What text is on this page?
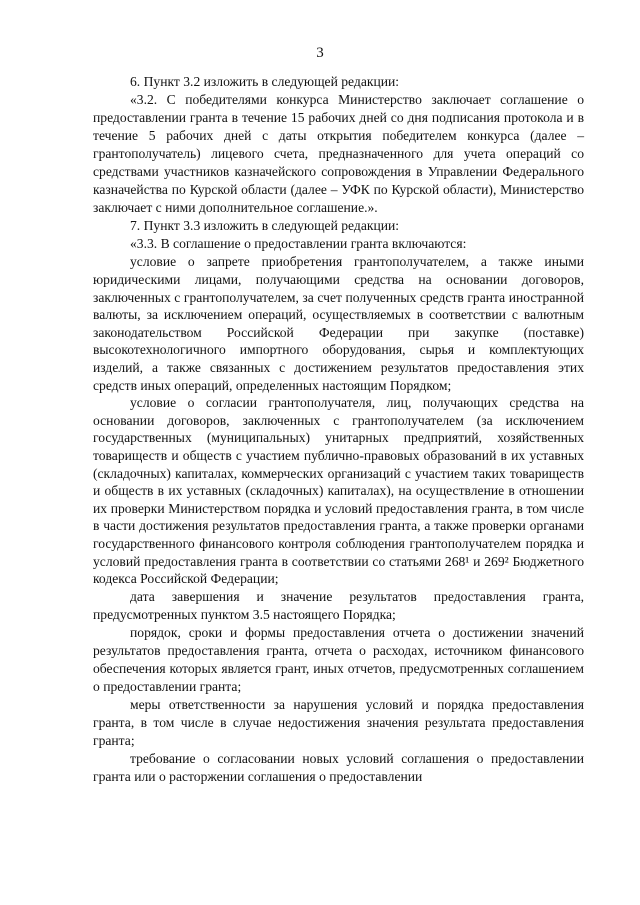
3

6. Пункт 3.2 изложить в следующей редакции:

«3.2. С победителями конкурса Министерство заключает соглашение о предоставлении гранта в течение 15 рабочих дней со дня подписания протокола и в течение 5 рабочих дней с даты открытия победителем конкурса (далее – грантополучатель) лицевого счета, предназначенного для учета операций со средствами участников казначейского сопровождения в Управлении Федерального казначейства по Курской области (далее – УФК по Курской области), Министерство заключает с ними дополнительное соглашение.».

7. Пункт 3.3 изложить в следующей редакции:

«3.3. В соглашение о предоставлении гранта включаются:

условие о запрете приобретения грантополучателем, а также иными юридическими лицами, получающими средства на основании договоров, заключенных с грантополучателем, за счет полученных средств гранта иностранной валюты, за исключением операций, осуществляемых в соответствии с валютным законодательством Российской Федерации при закупке (поставке) высокотехнологичного импортного оборудования, сырья и комплектующих изделий, а также связанных с достижением результатов предоставления этих средств иных операций, определенных настоящим Порядком;

условие о согласии грантополучателя, лиц, получающих средства на основании договоров, заключенных с грантополучателем (за исключением государственных (муниципальных) унитарных предприятий, хозяйственных товариществ и обществ с участием публично-правовых образований в их уставных (складочных) капиталах, коммерческих организаций с участием таких товариществ и обществ в их уставных (складочных) капиталах), на осуществление в отношении их проверки Министерством порядка и условий предоставления гранта, в том числе в части достижения результатов предоставления гранта, а также проверки органами государственного финансового контроля соблюдения грантополучателем порядка и условий предоставления гранта в соответствии со статьями 268¹ и 269² Бюджетного кодекса Российской Федерации;

дата завершения и значение результатов предоставления гранта, предусмотренных пунктом 3.5 настоящего Порядка;

порядок, сроки и формы предоставления отчета о достижении значений результатов предоставления гранта, отчета о расходах, источником финансового обеспечения которых является грант, иных отчетов, предусмотренных соглашением о предоставлении гранта;

меры ответственности за нарушения условий и порядка предоставления гранта, в том числе в случае недостижения значения результата предоставления гранта;

требование о согласовании новых условий соглашения о предоставлении гранта или о расторжении соглашения о предоставлении
